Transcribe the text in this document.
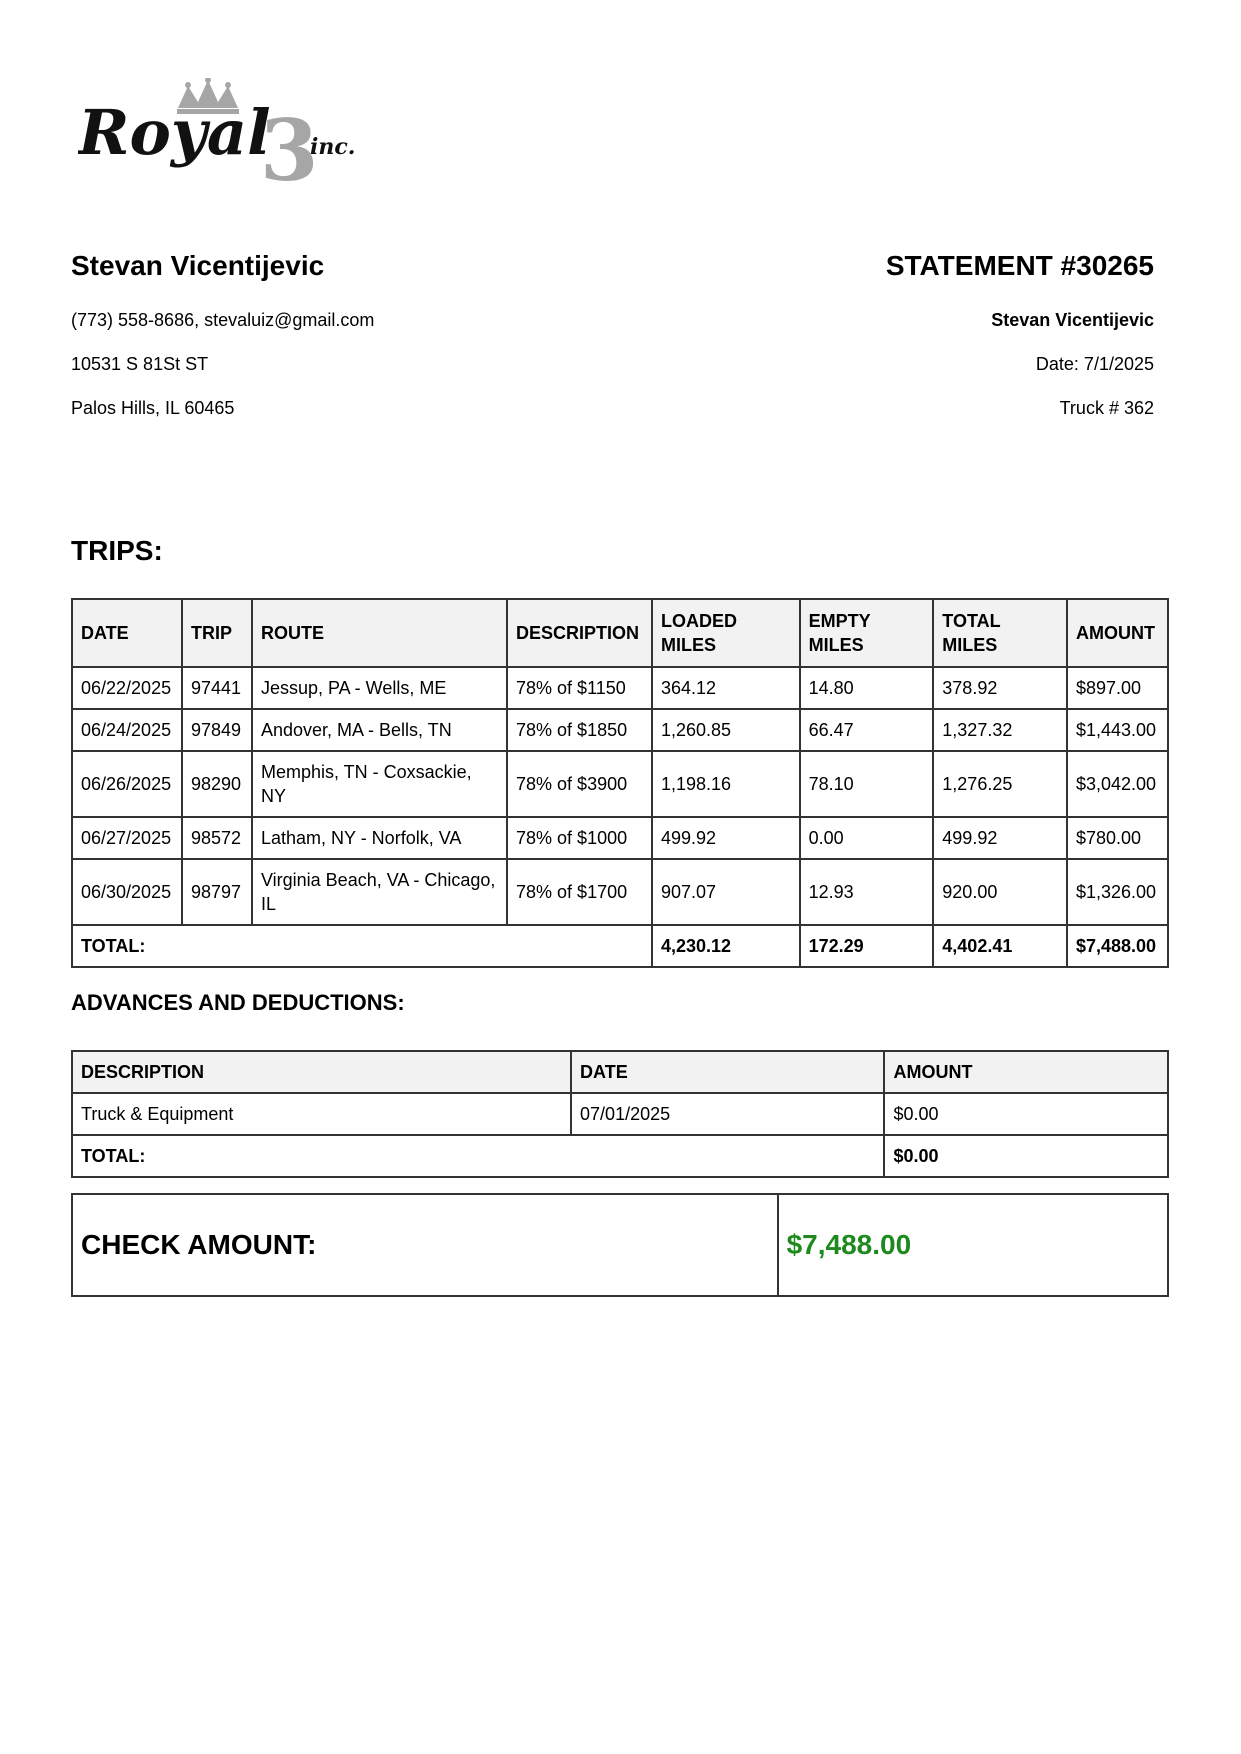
3
Royal inc.
Stevan Vicentijevic	STATEMENT #30265
(773) 558-8686, stevaluiz@gmail.com
10531 S 81St ST
Palos Hills, IL 60465
Stevan Vicentijevic
Date: 7/1/2025
Truck # 362
TRIPS:
DATE	TRIP	ROUTE	DESCRIPTION	LOADED MILES	EMPTY MILES	TOTAL MILES	AMOUNT
06/22/2025	97441	Jessup, PA - Wells, ME	78% of $1150	364.12	14.80	378.92	$897.00
06/24/2025	97849	Andover, MA - Bells, TN	78% of $1850	1,260.85	66.47	1,327.32	$1,443.00
06/26/2025	98290	Memphis, TN - Coxsackie, NY	78% of $3900	1,198.16	78.10	1,276.25	$3,042.00
06/27/2025	98572	Latham, NY - Norfolk, VA	78% of $1000	499.92	0.00	499.92	$780.00
06/30/2025	98797	Virginia Beach, VA - Chicago, IL	78% of $1700	907.07	12.93	920.00	$1,326.00
TOTAL:				4,230.12	172.29	4,402.41	$7,488.00
ADVANCES AND DEDUCTIONS:
DESCRIPTION	DATE	AMOUNT
Truck & Equipment	07/01/2025	$0.00
TOTAL:		$0.00
CHECK AMOUNT:	$7,488.00
